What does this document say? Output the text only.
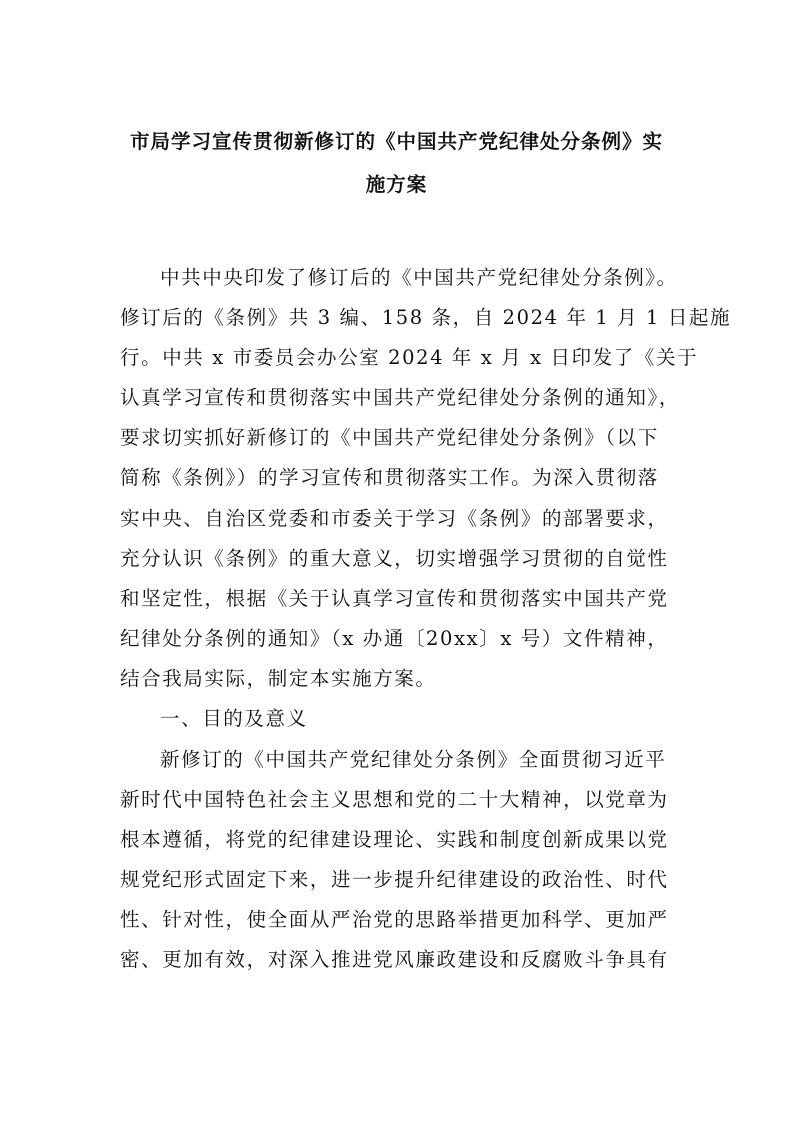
市局学习宣传贯彻新修订的《中国共产党纪律处分条例》实
施方案
中共中央印发了修订后的《中国共产党纪律处分条例》。
修订后的《条例》共 3 编、158 条，自 2024 年 1 月 1 日起施
行。中共 x 市委员会办公室 2024 年 x 月 x 日印发了《关于
认真学习宣传和贯彻落实中国共产党纪律处分条例的通知》，
要求切实抓好新修订的《中国共产党纪律处分条例》（以下
简称《条例》）的学习宣传和贯彻落实工作。为深入贯彻落
实中央、自治区党委和市委关于学习《条例》的部署要求，
充分认识《条例》的重大意义，切实增强学习贯彻的自觉性
和坚定性，根据《关于认真学习宣传和贯彻落实中国共产党
纪律处分条例的通知》（x 办通〔20xx〕x 号）文件精神，
结合我局实际，制定本实施方案。
一、目的及意义
新修订的《中国共产党纪律处分条例》全面贯彻习近平
新时代中国特色社会主义思想和党的二十大精神，以党章为
根本遵循，将党的纪律建设理论、实践和制度创新成果以党
规党纪形式固定下来，进一步提升纪律建设的政治性、时代
性、针对性，使全面从严治党的思路举措更加科学、更加严
密、更加有效，对深入推进党风廉政建设和反腐败斗争具有
